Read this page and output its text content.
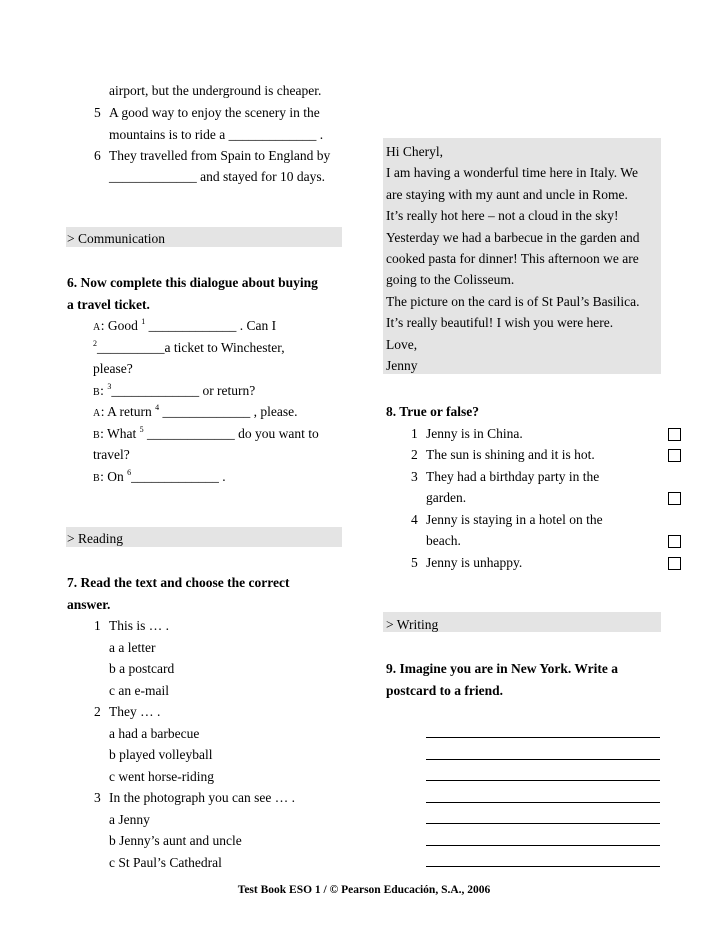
airport, but the underground is cheaper.
5 A good way to enjoy the scenery in the
mountains is to ride a _____________ .
6 They travelled from Spain to England by
_____________ and stayed for 10 days.
> Communication
6. Now complete this dialogue about buying
a travel ticket.
A: Good $^1$ _____________ . Can I
$^2$__________a ticket to Winchester,
please?
B: $^3$_____________ or return?
A: A return $^4$ _____________ , please.
B: What $^5$ _____________ do you want to
travel?
B: On $^6$_____________ .
> Reading
7. Read the text and choose the correct
answer.
1 This is … .
a a letter
b a postcard
c an e-mail
2 They … .
a had a barbecue
b played volleyball
c went horse-riding
3 In the photograph you can see … .
a Jenny
b Jenny’s aunt and uncle
c St Paul’s Cathedral
Hi Cheryl,
I am having a wonderful time here in Italy. We
are staying with my aunt and uncle in Rome.
It’s really hot here – not a cloud in the sky!
Yesterday we had a barbecue in the garden and
cooked pasta for dinner! This afternoon we are
going to the Colisseum.
The picture on the card is of St Paul’s Basilica.
It’s really beautiful! I wish you were here.
Love,
Jenny
8. True or false?
1 Jenny is in China.
2 The sun is shining and it is hot.
3 They had a birthday party in the
garden.
4 Jenny is staying in a hotel on the
beach.
5 Jenny is unhappy.
> Writing
9. Imagine you are in New York. Write a
postcard to a friend.
Test Book ESO 1 / © Pearson Educación, S.A., 2006
